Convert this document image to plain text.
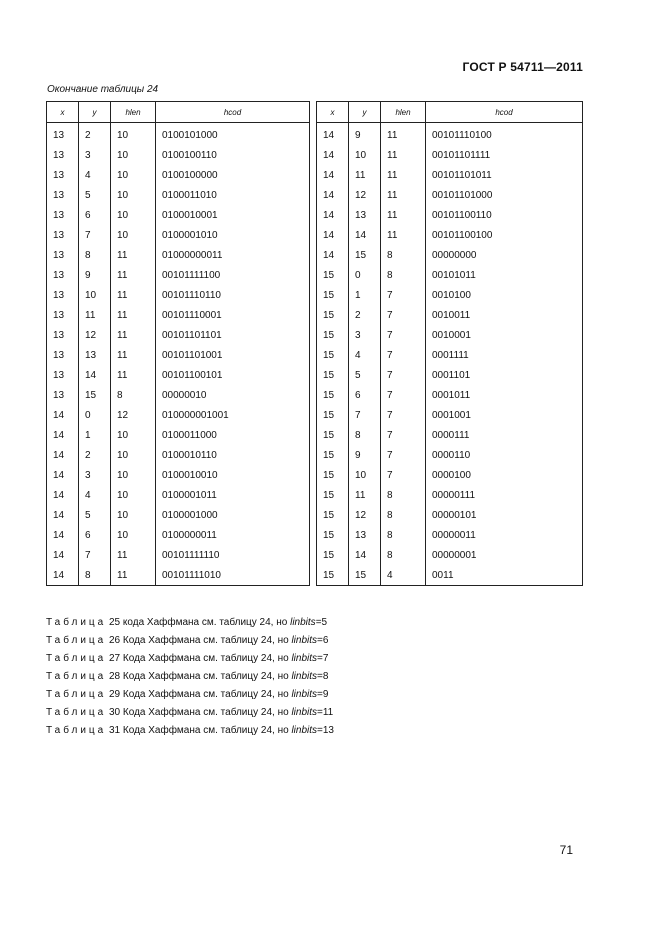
ГОСТ Р 54711—2011
Окончание таблицы 24
x	y	hlen	hcod
13	2	10	0100101000
13	3	10	0100100110
13	4	10	0100100000
13	5	10	0100011010
13	6	10	0100010001
13	7	10	0100001010
13	8	11	01000000011
13	9	11	00101111100
13	10	11	00101110110
13	11	11	00101110001
13	12	11	00101101101
13	13	11	00101101001
13	14	11	00101100101
13	15	8	00000010
14	0	12	010000001001
14	1	10	0100011000
14	2	10	0100010110
14	3	10	0100010010
14	4	10	0100001011
14	5	10	0100001000
14	6	10	0100000011
14	7	11	00101111110
14	8	11	00101111010
x	y	hlen	hcod
14	9	11	00101110100
14	10	11	00101101111
14	11	11	00101101011
14	12	11	00101101000
14	13	11	00101100110
14	14	11	00101100100
14	15	8	00000000
15	0	8	00101011
15	1	7	0010100
15	2	7	0010011
15	3	7	0010001
15	4	7	0001111
15	5	7	0001101
15	6	7	0001011
15	7	7	0001001
15	8	7	0000111
15	9	7	0000110
15	10	7	0000100
15	11	8	00000111
15	12	8	00000101
15	13	8	00000011
15	14	8	00000001
15	15	4	0011
Таблица 25 кода Хаффмана см. таблицу 24, но linbits=5
Таблица 26 Кода Хаффмана см. таблицу 24, но linbits=6
Таблица 27 Кода Хаффмана см. таблицу 24, но linbits=7
Таблица 28 Кода Хаффмана см. таблицу 24, но linbits=8
Таблица 29 Кода Хаффмана см. таблицу 24, но linbits=9
Таблица 30 Кода Хаффмана см. таблицу 24, но linbits=11
Таблица 31 Кода Хаффмана см. таблицу 24, но linbits=13
71
